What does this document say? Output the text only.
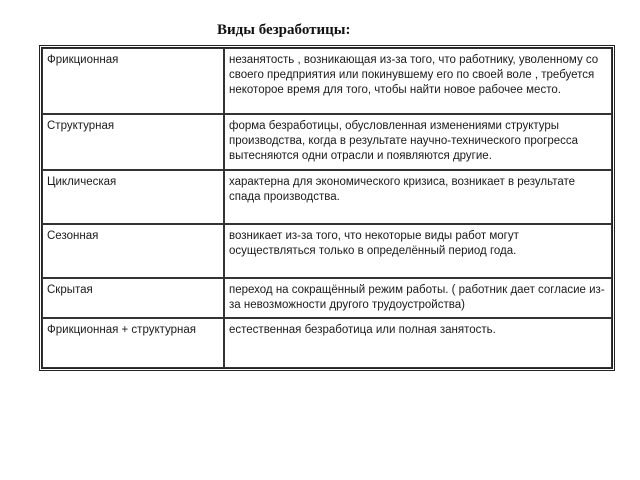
Виды безработицы:
Фрикционная	незанятость , возникающая из-за того, что работнику, уволенному со своего предприятия или покинувшему его по своей воле , требуется некоторое время для того, чтобы найти новое рабочее место.
Структурная	форма безработицы, обусловленная изменениями структуры производства, когда в результате научно-технического прогресса вытесняются одни отрасли и появляются другие.
Циклическая	характерна для экономического кризиса, возникает в результате спада производства.
Сезонная	возникает из-за того, что некоторые виды работ могут осуществляться только в определённый период года.
Скрытая	переход на сокращённый режим работы. ( работник дает согласие из-за невозможности другого трудоустройства)
Фрикционная + структурная	естественная безработица или полная занятость.
